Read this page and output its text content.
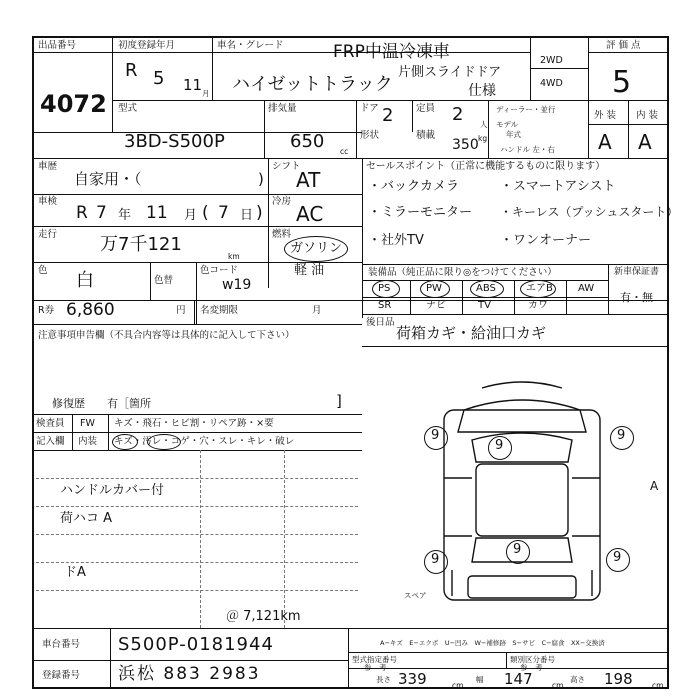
出品番号
4072
初度登録年月
R 5 11 月
車名・グレード	FRP中温冷凍車
片側スライドドア
仕様
ハイゼットトラック
2WD
4WD
評 価 点
5
型式
3BD-S500P
排気量
650 cc
ドア 2 定員 2 人
形状	積載
350 kg
ディーラー・並行
モデル
年式
ハンドル 左・右
外 装 内 装
A A
車歴
自家用・（	)
シフト
AT
車検
R 7 年 11 月 ( 7 日 )
冷房
AC
走行 万7千121
km
燃料
ガソリン
軽 油
色 白	色替
色コード
w19
R券 6,860	円 名変期限	月
注意事項申告欄（不具合内容等は具体的に記入して下さい）
修復歴　　有［箇所	]
検査員
記入欄
FW
内装
キズ・飛石・ヒビ割・リペア跡・×要
キズ・汚レ・コゲ・穴・スレ・キレ・破レ
ハンドルカバー付
荷ハコ A
ドA
＠ 7,121km
セールスポイント（正常に機能するものに限ります）
・バックカメラ	・スマートアシスト
・ミラーモニター ・キーレス（プッシュスタート）
・社外TV	・ワンオーナー
装備品（純正品に限り◎をつけてください）	新車保証書
有・無
PS	PW	ABS	エアB	AW
SR	ナビ	TV	カワ
後日品
荷箱カギ・給油口カギ
9	9
9	9
9
9
A
スペア
車台番号 S500P-0181944
登録番号 浜松 883 2983
A−キズ　E−エクボ　U−凹み　W−補修跡　S−サビ　C−腐食　XX−交換済
型式指定番号
参　考
類別区分番号
参　考
長さ 339	cm
幅 147	cm
高さ 198	cm
